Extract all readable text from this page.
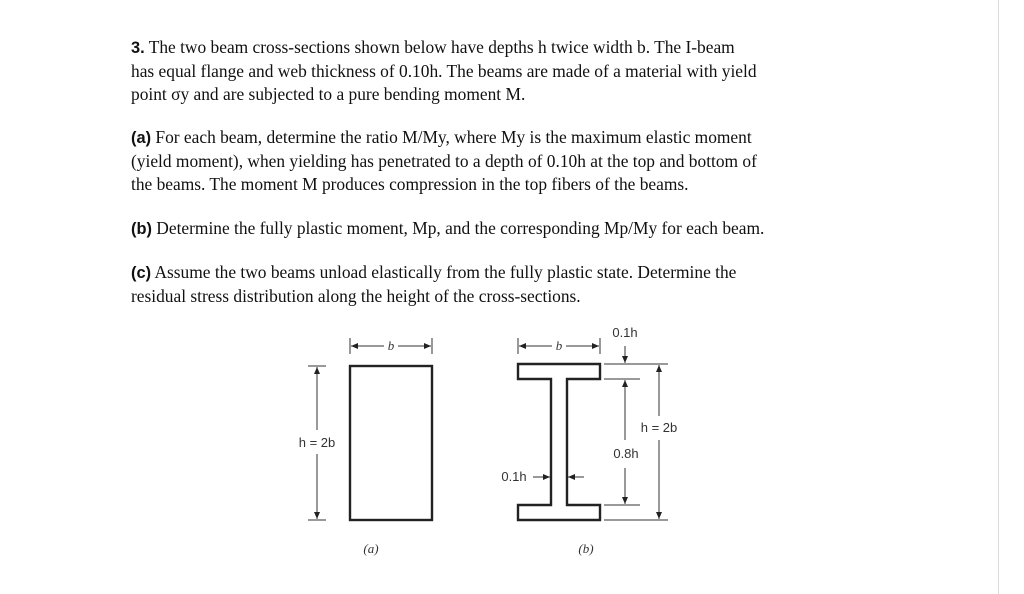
3. The two beam cross-sections shown below have depths h twice width b. The I-beam
has equal flange and web thickness of 0.10h. The beams are made of a material with yield
point σy and are subjected to a pure bending moment M.
(a) For each beam, determine the ratio M/My, where My is the maximum elastic moment
(yield moment), when yielding has penetrated to a depth of 0.10h at the top and bottom of
the beams. The moment M produces compression in the top fibers of the beams.
(b) Determine the fully plastic moment, Mp, and the corresponding Mp/My for each beam.
(c) Assume the two beams unload elastically from the fully plastic state. Determine the
residual stress distribution along the height of the cross-sections.
b
h = 2b
(a)
b
0.1h
0.8h
h = 2b
0.1h
(b)
